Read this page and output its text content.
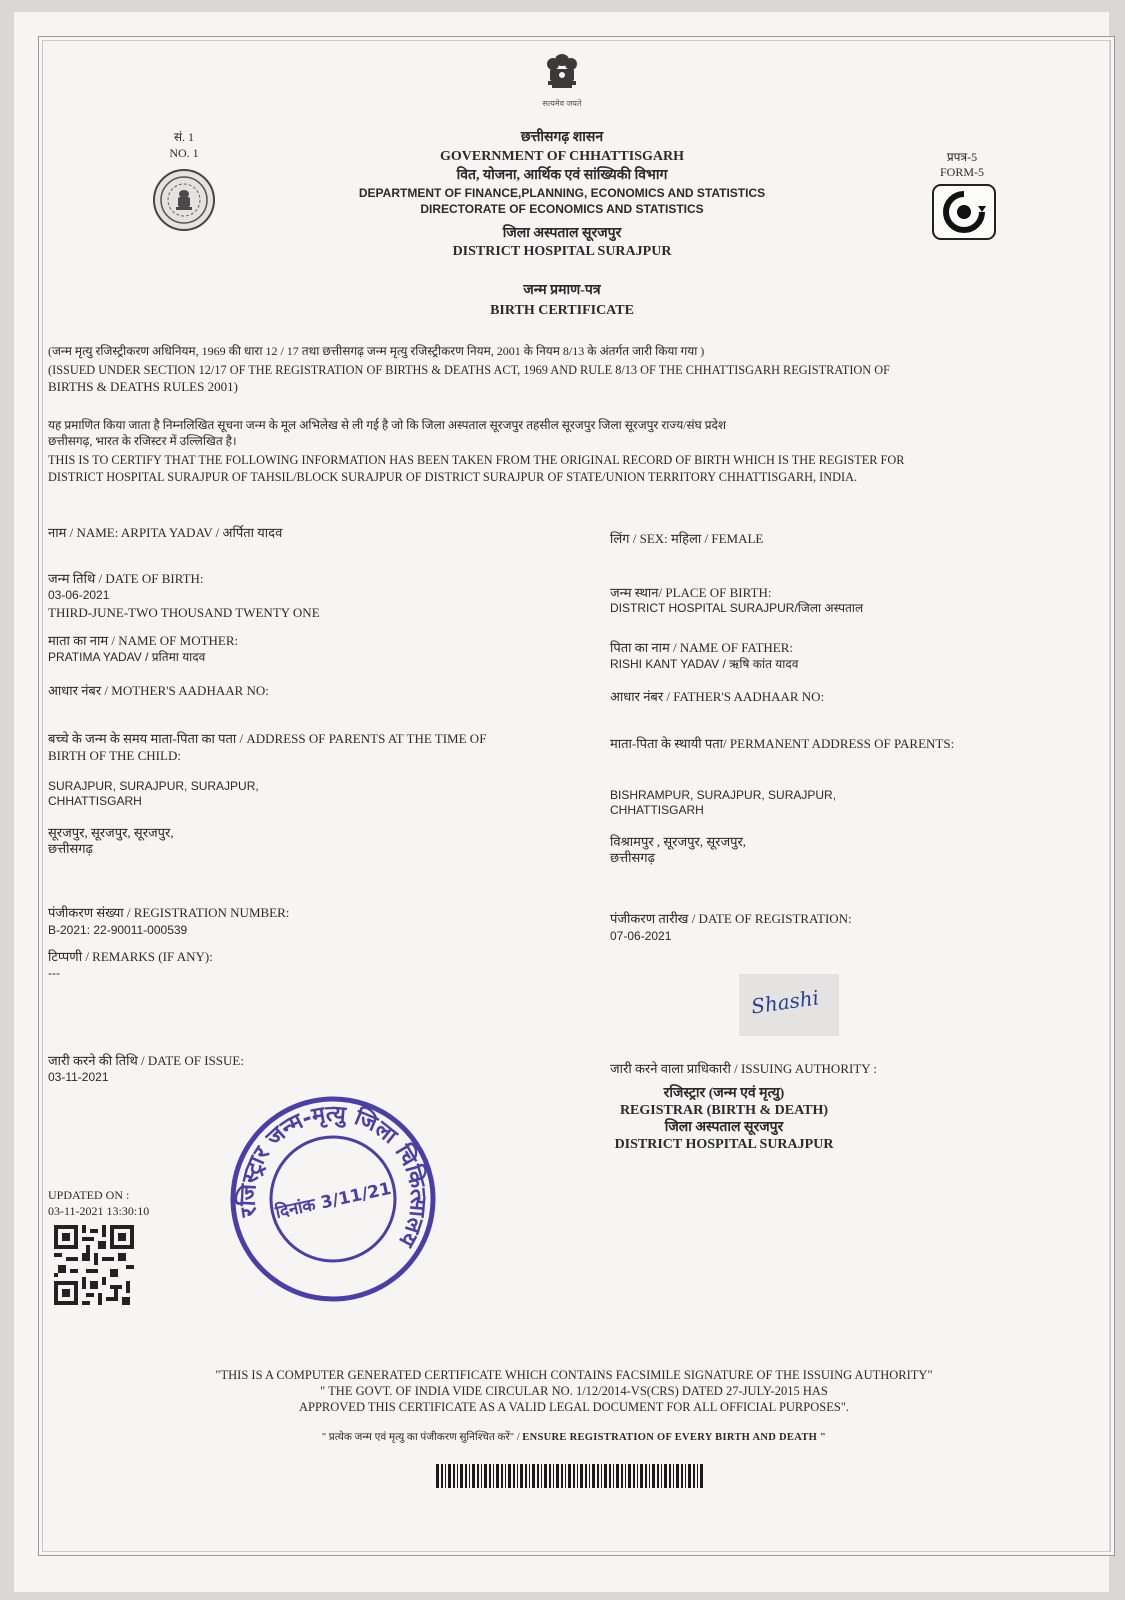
सत्यमेव जयते
सं. 1
NO. 1	प्रपत्र-5
FORM-5
छत्तीसगढ़ शासन
GOVERNMENT OF CHHATTISGARH
वित, योजना, आर्थिक एवं सांख्यिकी विभाग
DEPARTMENT OF FINANCE,PLANNING, ECONOMICS AND STATISTICS
DIRECTORATE OF ECONOMICS AND STATISTICS
जिला अस्पताल सूरजपुर
DISTRICT HOSPITAL SURAJPUR
जन्म प्रमाण-पत्र
BIRTH CERTIFICATE
(जन्म मृत्यु रजिस्ट्रीकरण अधिनियम, 1969 की धारा 12 / 17 तथा छत्तीसगढ़ जन्म मृत्यु रजिस्ट्रीकरण नियम, 2001 के नियम 8/13 के अंतर्गत जारी किया गया )
(ISSUED UNDER SECTION 12/17 OF THE REGISTRATION OF BIRTHS & DEATHS ACT, 1969 AND RULE 8/13 OF THE CHHATTISGARH REGISTRATION OF
BIRTHS & DEATHS RULES 2001)
यह प्रमाणित किया जाता है निम्नलिखित सूचना जन्म के मूल अभिलेख से ली गई है जो कि जिला अस्पताल सूरजपुर तहसील सूरजपुर जिला सूरजपुर राज्य/संघ प्रदेश
छत्तीसगढ़, भारत के रजिस्टर में उल्लिखित है।
THIS IS TO CERTIFY THAT THE FOLLOWING INFORMATION HAS BEEN TAKEN FROM THE ORIGINAL RECORD OF BIRTH WHICH IS THE REGISTER FOR
DISTRICT HOSPITAL SURAJPUR OF TAHSIL/BLOCK SURAJPUR OF DISTRICT SURAJPUR OF STATE/UNION TERRITORY CHHATTISGARH, INDIA.
नाम / NAME: ARPITA YADAV / अर्पिता यादव
जन्म तिथि / DATE OF BIRTH:
03-06-2021
THIRD-JUNE-TWO THOUSAND TWENTY ONE
माता का नाम / NAME OF MOTHER:
PRATIMA YADAV / प्रतिमा यादव
आधार नंबर / MOTHER'S AADHAAR NO:
बच्चे के जन्म के समय माता-पिता का पता / ADDRESS OF PARENTS AT THE TIME OF
BIRTH OF THE CHILD:
SURAJPUR, SURAJPUR, SURAJPUR,
CHHATTISGARH
सूरजपुर, सूरजपुर, सूरजपुर,
छत्तीसगढ़
पंजीकरण संख्या / REGISTRATION NUMBER:
B-2021: 22-90011-000539
टिप्पणी / REMARKS (IF ANY):
---
जारी करने की तिथि / DATE OF ISSUE:
03-11-2021
लिंग / SEX: महिला / FEMALE
जन्म स्थान/ PLACE OF BIRTH:
DISTRICT HOSPITAL SURAJPUR/जिला अस्पताल
पिता का नाम / NAME OF FATHER:
RISHI KANT YADAV / ऋषि कांत यादव
आधार नंबर / FATHER'S AADHAAR NO:
माता-पिता के स्थायी पता/ PERMANENT ADDRESS OF PARENTS:
BISHRAMPUR, SURAJPUR, SURAJPUR,
CHHATTISGARH
विश्रामपुर , सूरजपुर, सूरजपुर,
छत्तीसगढ़
पंजीकरण तारीख / DATE OF REGISTRATION:
07-06-2021
Shashi
जारी करने वाला प्राधिकारी / ISSUING AUTHORITY :
रजिस्ट्रार (जन्म एवं मृत्यु)
REGISTRAR (BIRTH & DEATH)
जिला अस्पताल सूरजपुर
DISTRICT HOSPITAL SURAJPUR
रजिस्ट्रार जन्म-मृत्यु जिला चिकित्सालय
दिनांक 3/11/21
UPDATED ON :
03-11-2021 13:30:10
"THIS IS A COMPUTER GENERATED CERTIFICATE WHICH CONTAINS FACSIMILE SIGNATURE OF THE ISSUING AUTHORITY"
" THE GOVT. OF INDIA VIDE CIRCULAR NO. 1/12/2014-VS(CRS) DATED 27-JULY-2015 HAS
APPROVED THIS CERTIFICATE AS A VALID LEGAL DOCUMENT FOR ALL OFFICIAL PURPOSES".
" प्रत्येक जन्म एवं मृत्यु का पंजीकरण सुनिश्चित करें" / ENSURE REGISTRATION OF EVERY BIRTH AND DEATH "
